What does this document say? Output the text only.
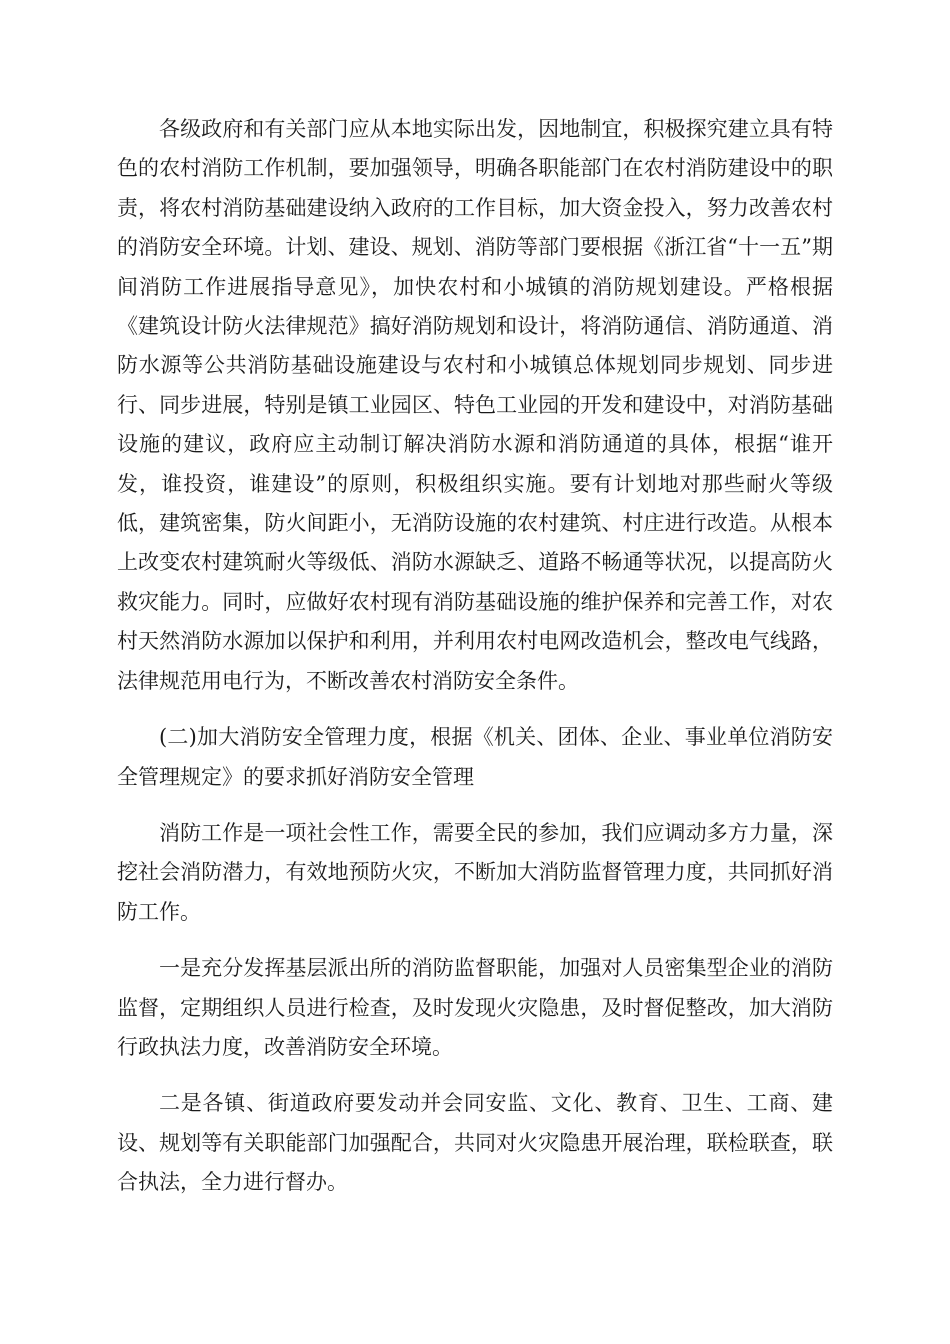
各级政府和有关部门应从本地实际出发，因地制宜，积极探究建立具有特色的农村消防工作机制，要加强领导，明确各职能部门在农村消防建设中的职责，将农村消防基础建设纳入政府的工作目标，加大资金投入，努力改善农村的消防安全环境。计划、建设、规划、消防等部门要根据《浙江省“十一五”期间消防工作进展指导意见》，加快农村和小城镇的消防规划建设。严格根据《建筑设计防火法律规范》搞好消防规划和设计，将消防通信、消防通道、消防水源等公共消防基础设施建设与农村和小城镇总体规划同步规划、同步进行、同步进展，特别是镇工业园区、特色工业园的开发和建设中，对消防基础设施的建议，政府应主动制订解决消防水源和消防通道的具体，根据“谁开发，谁投资，谁建设”的原则，积极组织实施。要有计划地对那些耐火等级低，建筑密集，防火间距小，无消防设施的农村建筑、村庄进行改造。从根本上改变农村建筑耐火等级低、消防水源缺乏、道路不畅通等状况，以提高防火救灾能力。同时，应做好农村现有消防基础设施的维护保养和完善工作，对农村天然消防水源加以保护和利用，并利用农村电网改造机会，整改电气线路，法律规范用电行为，不断改善农村消防安全条件。

(二)加大消防安全管理力度，根据《机关、团体、企业、事业单位消防安全管理规定》的要求抓好消防安全管理

消防工作是一项社会性工作，需要全民的参加，我们应调动多方力量，深挖社会消防潜力，有效地预防火灾，不断加大消防监督管理力度，共同抓好消防工作。

一是充分发挥基层派出所的消防监督职能，加强对人员密集型企业的消防监督，定期组织人员进行检查，及时发现火灾隐患，及时督促整改，加大消防行政执法力度，改善消防安全环境。

二是各镇、街道政府要发动并会同安监、文化、教育、卫生、工商、建设、规划等有关职能部门加强配合，共同对火灾隐患开展治理，联检联查，联合执法，全力进行督办。
